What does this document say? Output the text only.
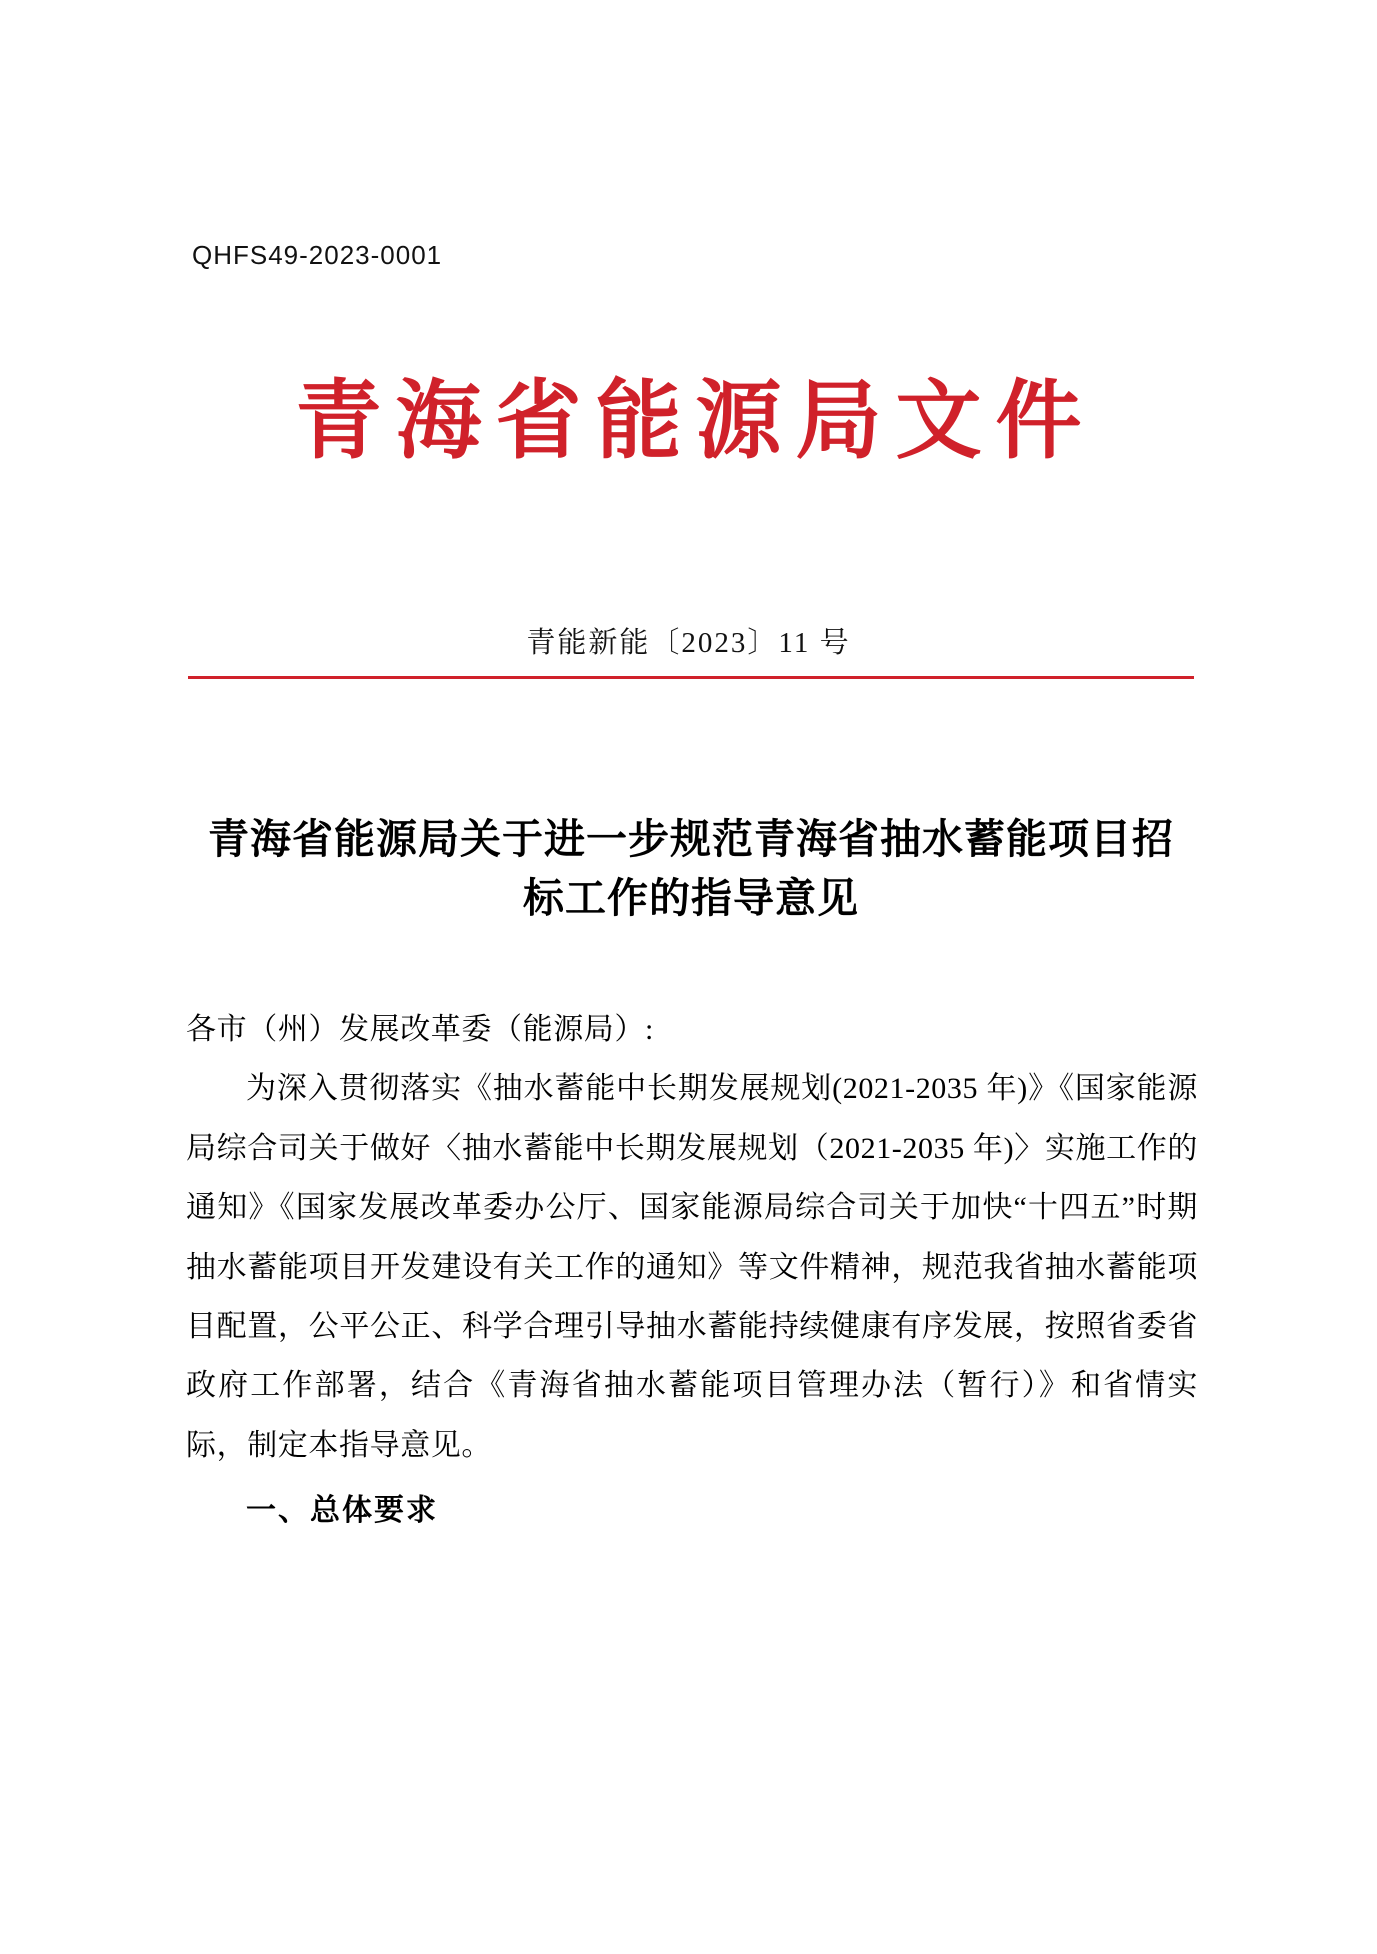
QHFS49-2023-0001
青海省能源局文件
青能新能〔2023〕11 号
青海省能源局关于进一步规范青海省抽水蓄能项目招标工作的指导意见

各市（州）发展改革委（能源局）:

为深入贯彻落实《抽水蓄能中长期发展规划(2021-2035 年)》《国家能源局综合司关于做好〈抽水蓄能中长期发展规划（2021-2035 年)〉实施工作的通知》《国家发展改革委办公厅、国家能源局综合司关于加快“十四五”时期抽水蓄能项目开发建设有关工作的通知》等文件精神，规范我省抽水蓄能项目配置，公平公正、科学合理引导抽水蓄能持续健康有序发展，按照省委省政府工作部署，结合《青海省抽水蓄能项目管理办法（暂行）》和省情实际，制定本指导意见。

一、总体要求
